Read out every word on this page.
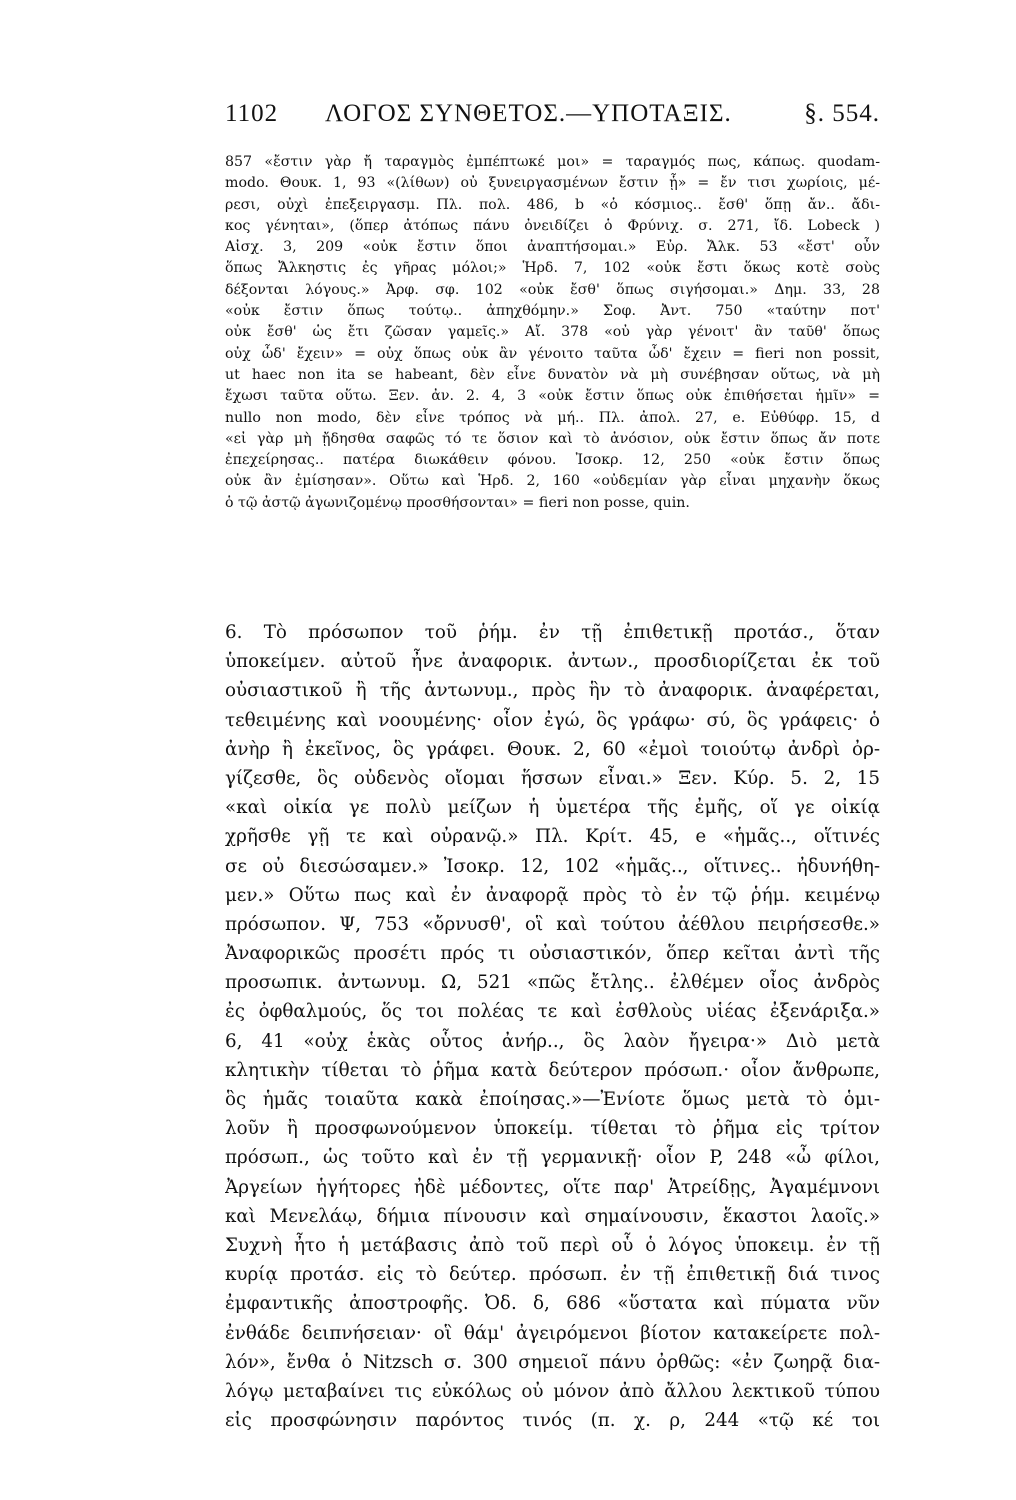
1102 ΛΟΓΟΣ ΣΥΝΘΕΤΟΣ.—ΥΠΟΤΑΞΙΣ.	§. 554.
857 «ἔστιν γὰρ ἤ ταραγμὸς ἐμπέπτωκέ μοι» = ταραγμός πως, κάπως. quodam-
modo. Θουκ. 1, 93 «(λίθων) οὐ ξυνειργασμένων ἔστιν ᾗ» = ἔν τισι χωρίοις, μέ-
ρεσι, οὐχὶ ἐπεξειργασμ. Πλ. πολ. 486, b «ὁ κόσμιος.. ἔσθ' ὅπῃ ἄν.. ἄδι-
κος γένηται», (ὅπερ ἀτόπως πάνυ ὀνειδίζει ὁ Φρύνιχ. σ. 271, ἴδ. Lobeck )
Αἰσχ. 3, 209 «οὐκ ἔστιν ὅποι ἀναπτήσομαι.» Εὐρ. Ἄλκ. 53 «ἔστ' οὖν
ὅπως Ἄλκηστις ἐς γῆρας μόλοι;» Ἡρδ. 7, 102 «οὐκ ἔστι ὅκως κοτὲ σοὺς
δέξονται λόγους.» Ἀρφ. σφ. 102 «οὐκ ἔσθ' ὅπως σιγήσομαι.» Δημ. 33, 28
«οὐκ ἔστιν ὅπως τούτῳ.. ἀπηχθόμην.» Σοφ. Ἀντ. 750 «ταύτην ποτ'
οὐκ ἔσθ' ὡς ἔτι ζῶσαν γαμεῖς.» Αἴ. 378 «οὐ γὰρ γένοιτ' ἂν ταῦθ' ὅπως
οὐχ ὧδ' ἔχειν» = οὐχ ὅπως οὐκ ἂν γένοιτο ταῦτα ὧδ' ἔχειν = fieri non possit,
ut haec non ita se habeant, δὲν εἶνε δυνατὸν νὰ μὴ συνέβησαν οὕτως, νὰ μὴ
ἔχωσι ταῦτα οὕτω. Ξεν. ἀν. 2. 4, 3 «οὐκ ἔστιν ὅπως οὐκ ἐπιθήσεται ἡμῖν» =
nullo non modo, δὲν εἶνε τρόπος νὰ μή.. Πλ. ἀπολ. 27, e. Εὐθύφρ. 15, d
«εἰ γὰρ μὴ ᾔδησθα σαφῶς τό τε ὅσιον καὶ τὸ ἀνόσιον, οὐκ ἔστιν ὅπως ἄν ποτε
ἐπεχείρησας.. πατέρα διωκάθειν φόνου. Ἰσοκρ. 12, 250 «οὐκ ἔστιν ὅπως
οὐκ ἂν ἐμίσησαν». Οὕτω καὶ Ἡρδ. 2, 160 «οὐδεμίαν γὰρ εἶναι μηχανὴν ὅκως
ὁ τῷ ἀστῷ ἀγωνιζομένῳ προσθήσονται» = fieri non posse, quin.
6. Τὸ πρόσωπον τοῦ ῥήμ. ἐν τῇ ἐπιθετικῇ προτάσ., ὅταν
ὑποκείμεν. αὐτοῦ ἦνε ἀναφορικ. ἀντων., προσδιορίζεται ἐκ τοῦ
οὐσιαστικοῦ ἢ τῆς ἀντωνυμ., πρὸς ἣν τὸ ἀναφορικ. ἀναφέρεται,
τεθειμένης καὶ νοουμένης· οἷον ἐγώ, ὃς γράφω· σύ, ὃς γράφεις· ὁ
ἀνὴρ ἢ ἐκεῖνος, ὃς γράφει. Θουκ. 2, 60 «ἐμοὶ τοιούτῳ ἀνδρὶ ὀρ-
γίζεσθε, ὃς οὐδενὸς οἴομαι ἥσσων εἶναι.» Ξεν. Κύρ. 5. 2, 15
«καὶ οἰκία γε πολὺ μείζων ἡ ὑμετέρα τῆς ἐμῆς, οἵ γε οἰκίᾳ
χρῆσθε γῇ τε καὶ οὐρανῷ.» Πλ. Κρίτ. 45, e «ἡμᾶς.., οἵτινές
σε οὐ διεσώσαμεν.» Ἰσοκρ. 12, 102 «ἡμᾶς.., οἵτινες.. ἠδυνήθη-
μεν.» Οὕτω πως καὶ ἐν ἀναφορᾷ πρὸς τὸ ἐν τῷ ῥήμ. κειμένῳ
πρόσωπον. Ψ, 753 «ὄρνυσθ', οἳ καὶ τούτου ἀέθλου πειρήσεσθε.»
Ἀναφορικῶς προσέτι πρός τι οὐσιαστικόν, ὅπερ κεῖται ἀντὶ τῆς
προσωπικ. ἀντωνυμ. Ω, 521 «πῶς ἔτλης.. ἐλθέμεν οἶος ἀνδρὸς
ἐς ὀφθαλμούς, ὅς τοι πολέας τε καὶ ἐσθλοὺς υἱέας ἐξενάριξα.»
6, 41 «οὐχ ἑκὰς οὗτος ἀνήρ.., ὃς λαὸν ἤγειρα·» Διὸ μετὰ
κλητικὴν τίθεται τὸ ῥῆμα κατὰ δεύτερον πρόσωπ.· οἷον ἄνθρωπε,
ὃς ἡμᾶς τοιαῦτα κακὰ ἐποίησας.»—Ἐνίοτε ὅμως μετὰ τὸ ὁμι-
λοῦν ἢ προσφωνούμενον ὑποκείμ. τίθεται τὸ ῥῆμα εἰς τρίτον
πρόσωπ., ὡς τοῦτο καὶ ἐν τῇ γερμανικῇ· οἷον P, 248 «ὦ φίλοι,
Ἀργείων ἡγήτορες ἠδὲ μέδοντες, οἵτε παρ' Ἀτρείδῃς, Ἀγαμέμνονι
καὶ Μενελάῳ, δήμια πίνουσιν καὶ σημαίνουσιν, ἕκαστοι λαοῖς.»
Συχνὴ ἦτο ἡ μετάβασις ἀπὸ τοῦ περὶ οὗ ὁ λόγος ὑποκειμ. ἐν τῇ
κυρίᾳ προτάσ. εἰς τὸ δεύτερ. πρόσωπ. ἐν τῇ ἐπιθετικῇ διά τινος
ἐμφαντικῆς ἀποστροφῆς. Ὀδ. δ, 686 «ὕστατα καὶ πύματα νῦν
ἐνθάδε δειπνήσειαν· οἳ θάμ' ἀγειρόμενοι βίοτον κατακείρετε πολ-
λόν», ἔνθα ὁ Nitzsch σ. 300 σημειοῖ πάνυ ὀρθῶς: «ἐν ζωηρᾷ δια-
λόγῳ μεταβαίνει τις εὐκόλως οὐ μόνον ἀπὸ ἄλλου λεκτικοῦ τύπου
εἰς προσφώνησιν παρόντος τινός (π. χ. ρ, 244 «τῷ κέ τοι
